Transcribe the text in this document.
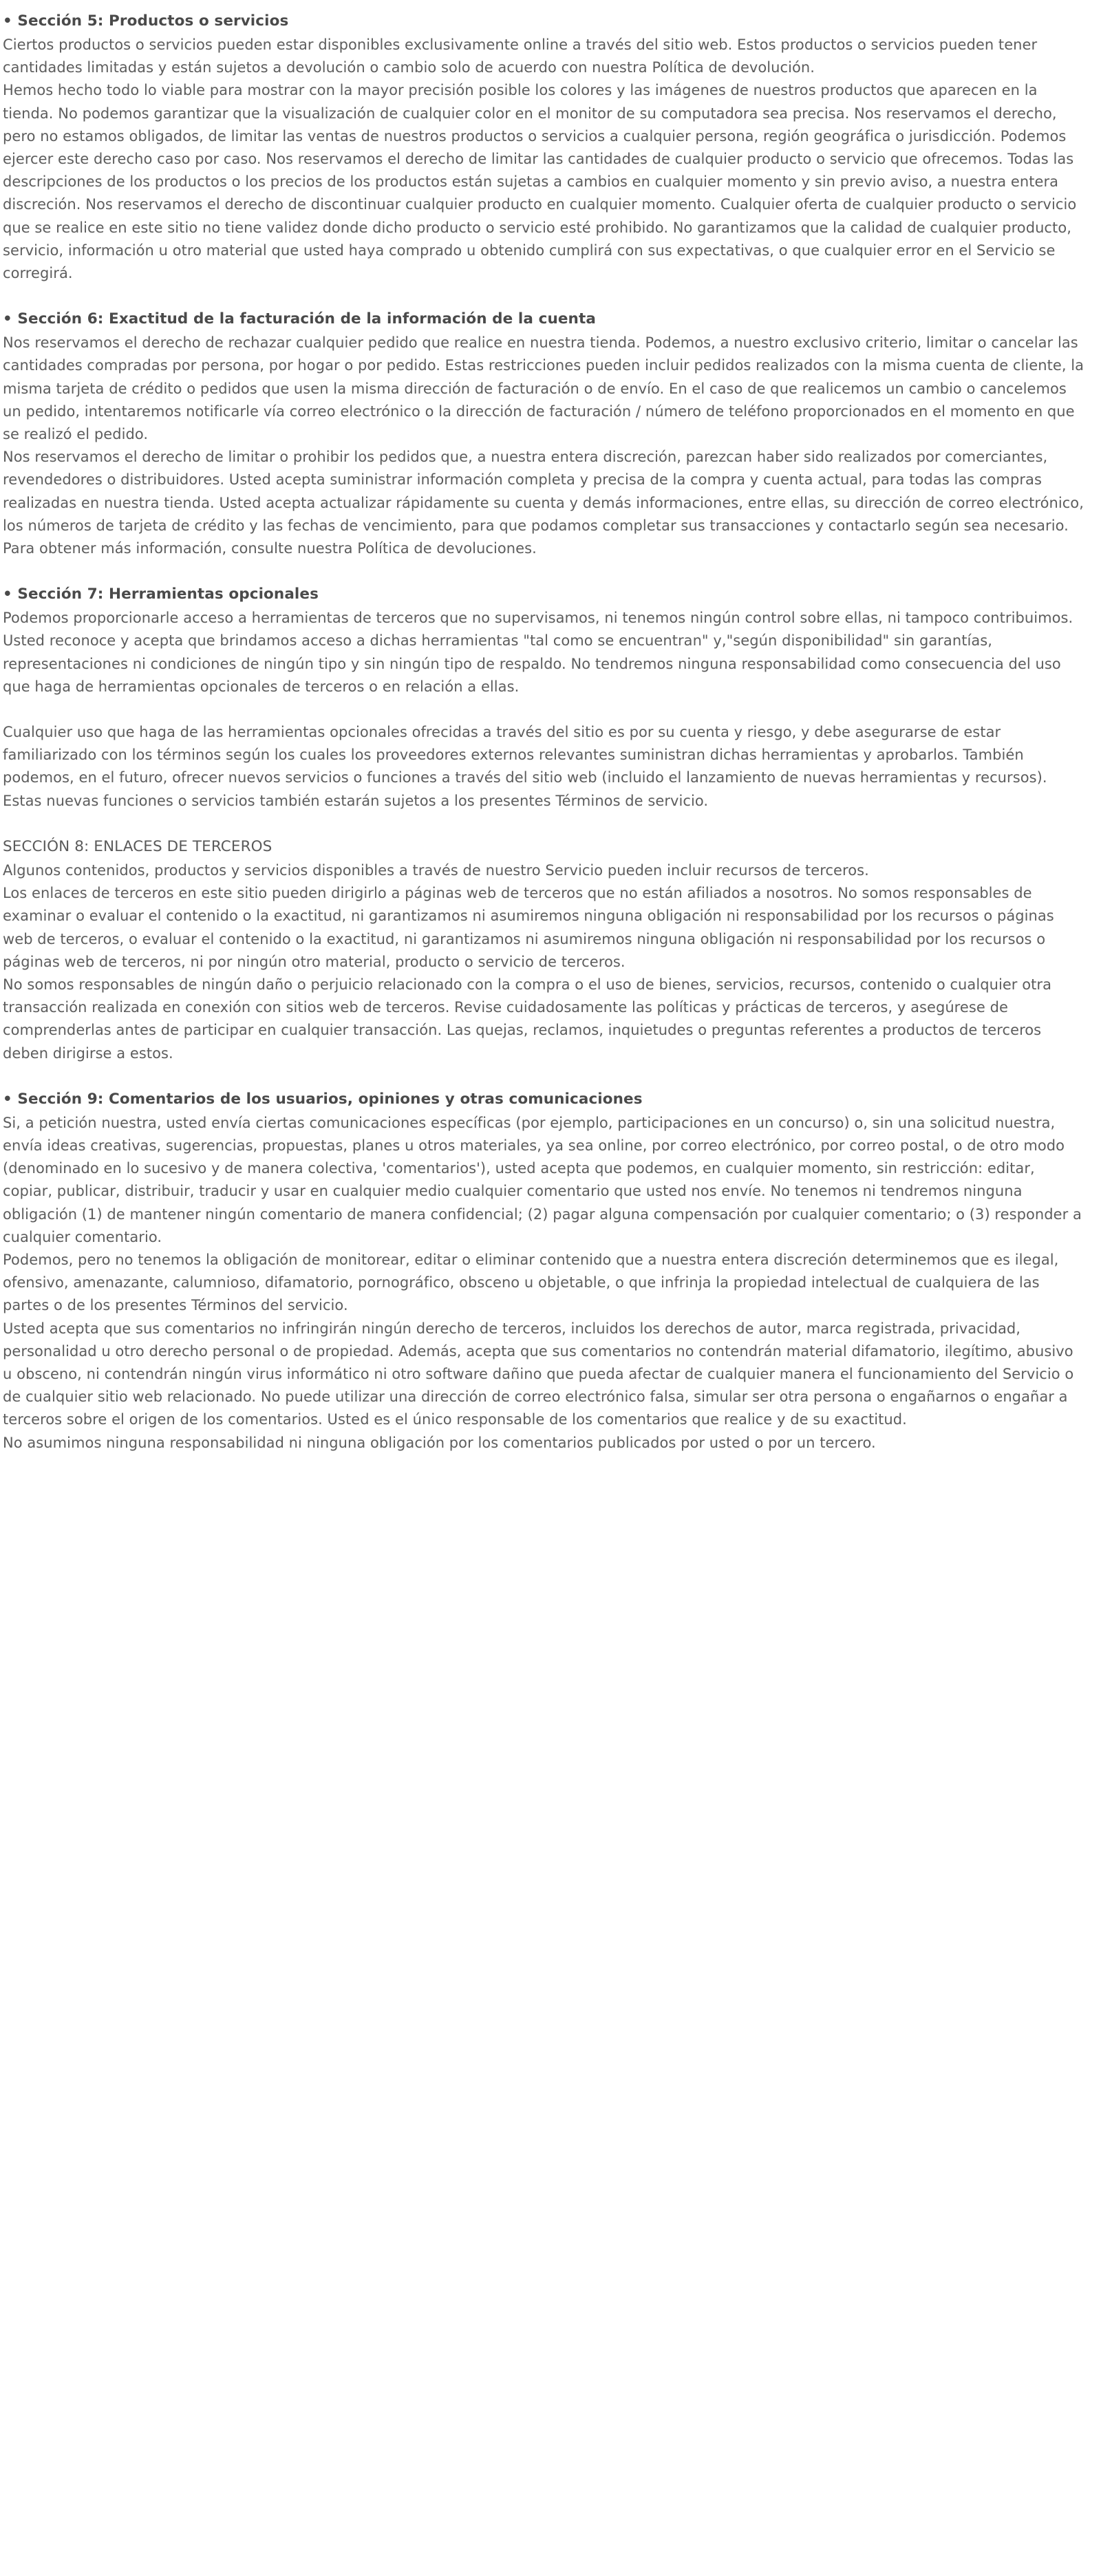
• Sección 5: Productos o servicios

Ciertos productos o servicios pueden estar disponibles exclusivamente online a través del sitio web. Estos productos o servicios pueden tener cantidades limitadas y están sujetos a devolución o cambio solo de acuerdo con nuestra Política de devolución.

Hemos hecho todo lo viable para mostrar con la mayor precisión posible los colores y las imágenes de nuestros productos que aparecen en la tienda. No podemos garantizar que la visualización de cualquier color en el monitor de su computadora sea precisa. Nos reservamos el derecho, pero no estamos obligados, de limitar las ventas de nuestros productos o servicios a cualquier persona, región geográfica o jurisdicción. Podemos ejercer este derecho caso por caso. Nos reservamos el derecho de limitar las cantidades de cualquier producto o servicio que ofrecemos. Todas las descripciones de los productos o los precios de los productos están sujetas a cambios en cualquier momento y sin previo aviso, a nuestra entera discreción. Nos reservamos el derecho de discontinuar cualquier producto en cualquier momento. Cualquier oferta de cualquier producto o servicio que se realice en este sitio no tiene validez donde dicho producto o servicio esté prohibido. No garantizamos que la calidad de cualquier producto, servicio, información u otro material que usted haya comprado u obtenido cumplirá con sus expectativas, o que cualquier error en el Servicio se corregirá.

• Sección 6: Exactitud de la facturación de la información de la cuenta

Nos reservamos el derecho de rechazar cualquier pedido que realice en nuestra tienda. Podemos, a nuestro exclusivo criterio, limitar o cancelar las cantidades compradas por persona, por hogar o por pedido. Estas restricciones pueden incluir pedidos realizados con la misma cuenta de cliente, la misma tarjeta de crédito o pedidos que usen la misma dirección de facturación o de envío. En el caso de que realicemos un cambio o cancelemos un pedido, intentaremos notificarle vía correo electrónico o la dirección de facturación / número de teléfono proporcionados en el momento en que se realizó el pedido.

Nos reservamos el derecho de limitar o prohibir los pedidos que, a nuestra entera discreción, parezcan haber sido realizados por comerciantes, revendedores o distribuidores. Usted acepta suministrar información completa y precisa de la compra y cuenta actual, para todas las compras realizadas en nuestra tienda. Usted acepta actualizar rápidamente su cuenta y demás informaciones, entre ellas, su dirección de correo electrónico, los números de tarjeta de crédito y las fechas de vencimiento, para que podamos completar sus transacciones y contactarlo según sea necesario. Para obtener más información, consulte nuestra Política de devoluciones.

• Sección 7: Herramientas opcionales

Podemos proporcionarle acceso a herramientas de terceros que no supervisamos, ni tenemos ningún control sobre ellas, ni tampoco contribuimos. Usted reconoce y acepta que brindamos acceso a dichas herramientas "tal como se encuentran" y,"según disponibilidad" sin garantías, representaciones ni condiciones de ningún tipo y sin ningún tipo de respaldo. No tendremos ninguna responsabilidad como consecuencia del uso que haga de herramientas opcionales de terceros o en relación a ellas.

Cualquier uso que haga de las herramientas opcionales ofrecidas a través del sitio es por su cuenta y riesgo, y debe asegurarse de estar familiarizado con los términos según los cuales los proveedores externos relevantes suministran dichas herramientas y aprobarlos. También podemos, en el futuro, ofrecer nuevos servicios o funciones a través del sitio web (incluido el lanzamiento de nuevas herramientas y recursos). Estas nuevas funciones o servicios también estarán sujetos a los presentes Términos de servicio.

SECCIÓN 8: ENLACES DE TERCEROS

Algunos contenidos, productos y servicios disponibles a través de nuestro Servicio pueden incluir recursos de terceros.

Los enlaces de terceros en este sitio pueden dirigirlo a páginas web de terceros que no están afiliados a nosotros. No somos responsables de examinar o evaluar el contenido o la exactitud, ni garantizamos ni asumiremos ninguna obligación ni responsabilidad por los recursos o páginas web de terceros, o evaluar el contenido o la exactitud, ni garantizamos ni asumiremos ninguna obligación ni responsabilidad por los recursos o páginas web de terceros, ni por ningún otro material, producto o servicio de terceros.

No somos responsables de ningún daño o perjuicio relacionado con la compra o el uso de bienes, servicios, recursos, contenido o cualquier otra transacción realizada en conexión con sitios web de terceros. Revise cuidadosamente las políticas y prácticas de terceros, y asegúrese de comprenderlas antes de participar en cualquier transacción. Las quejas, reclamos, inquietudes o preguntas referentes a productos de terceros deben dirigirse a estos.

• Sección 9: Comentarios de los usuarios, opiniones y otras comunicaciones

Si, a petición nuestra, usted envía ciertas comunicaciones específicas (por ejemplo, participaciones en un concurso) o, sin una solicitud nuestra, envía ideas creativas, sugerencias, propuestas, planes u otros materiales, ya sea online, por correo electrónico, por correo postal, o de otro modo (denominado en lo sucesivo y de manera colectiva, 'comentarios'), usted acepta que podemos, en cualquier momento, sin restricción: editar, copiar, publicar, distribuir, traducir y usar en cualquier medio cualquier comentario que usted nos envíe. No tenemos ni tendremos ninguna obligación (1) de mantener ningún comentario de manera confidencial; (2) pagar alguna compensación por cualquier comentario; o (3) responder a cualquier comentario.

Podemos, pero no tenemos la obligación de monitorear, editar o eliminar contenido que a nuestra entera discreción determinemos que es ilegal, ofensivo, amenazante, calumnioso, difamatorio, pornográfico, obsceno u objetable, o que infrinja la propiedad intelectual de cualquiera de las partes o de los presentes Términos del servicio.

Usted acepta que sus comentarios no infringirán ningún derecho de terceros, incluidos los derechos de autor, marca registrada, privacidad, personalidad u otro derecho personal o de propiedad. Además, acepta que sus comentarios no contendrán material difamatorio, ilegítimo, abusivo u obsceno, ni contendrán ningún virus informático ni otro software dañino que pueda afectar de cualquier manera el funcionamiento del Servicio o de cualquier sitio web relacionado. No puede utilizar una dirección de correo electrónico falsa, simular ser otra persona o engañarnos o engañar a terceros sobre el origen de los comentarios. Usted es el único responsable de los comentarios que realice y de su exactitud.

No asumimos ninguna responsabilidad ni ninguna obligación por los comentarios publicados por usted o por un tercero.
